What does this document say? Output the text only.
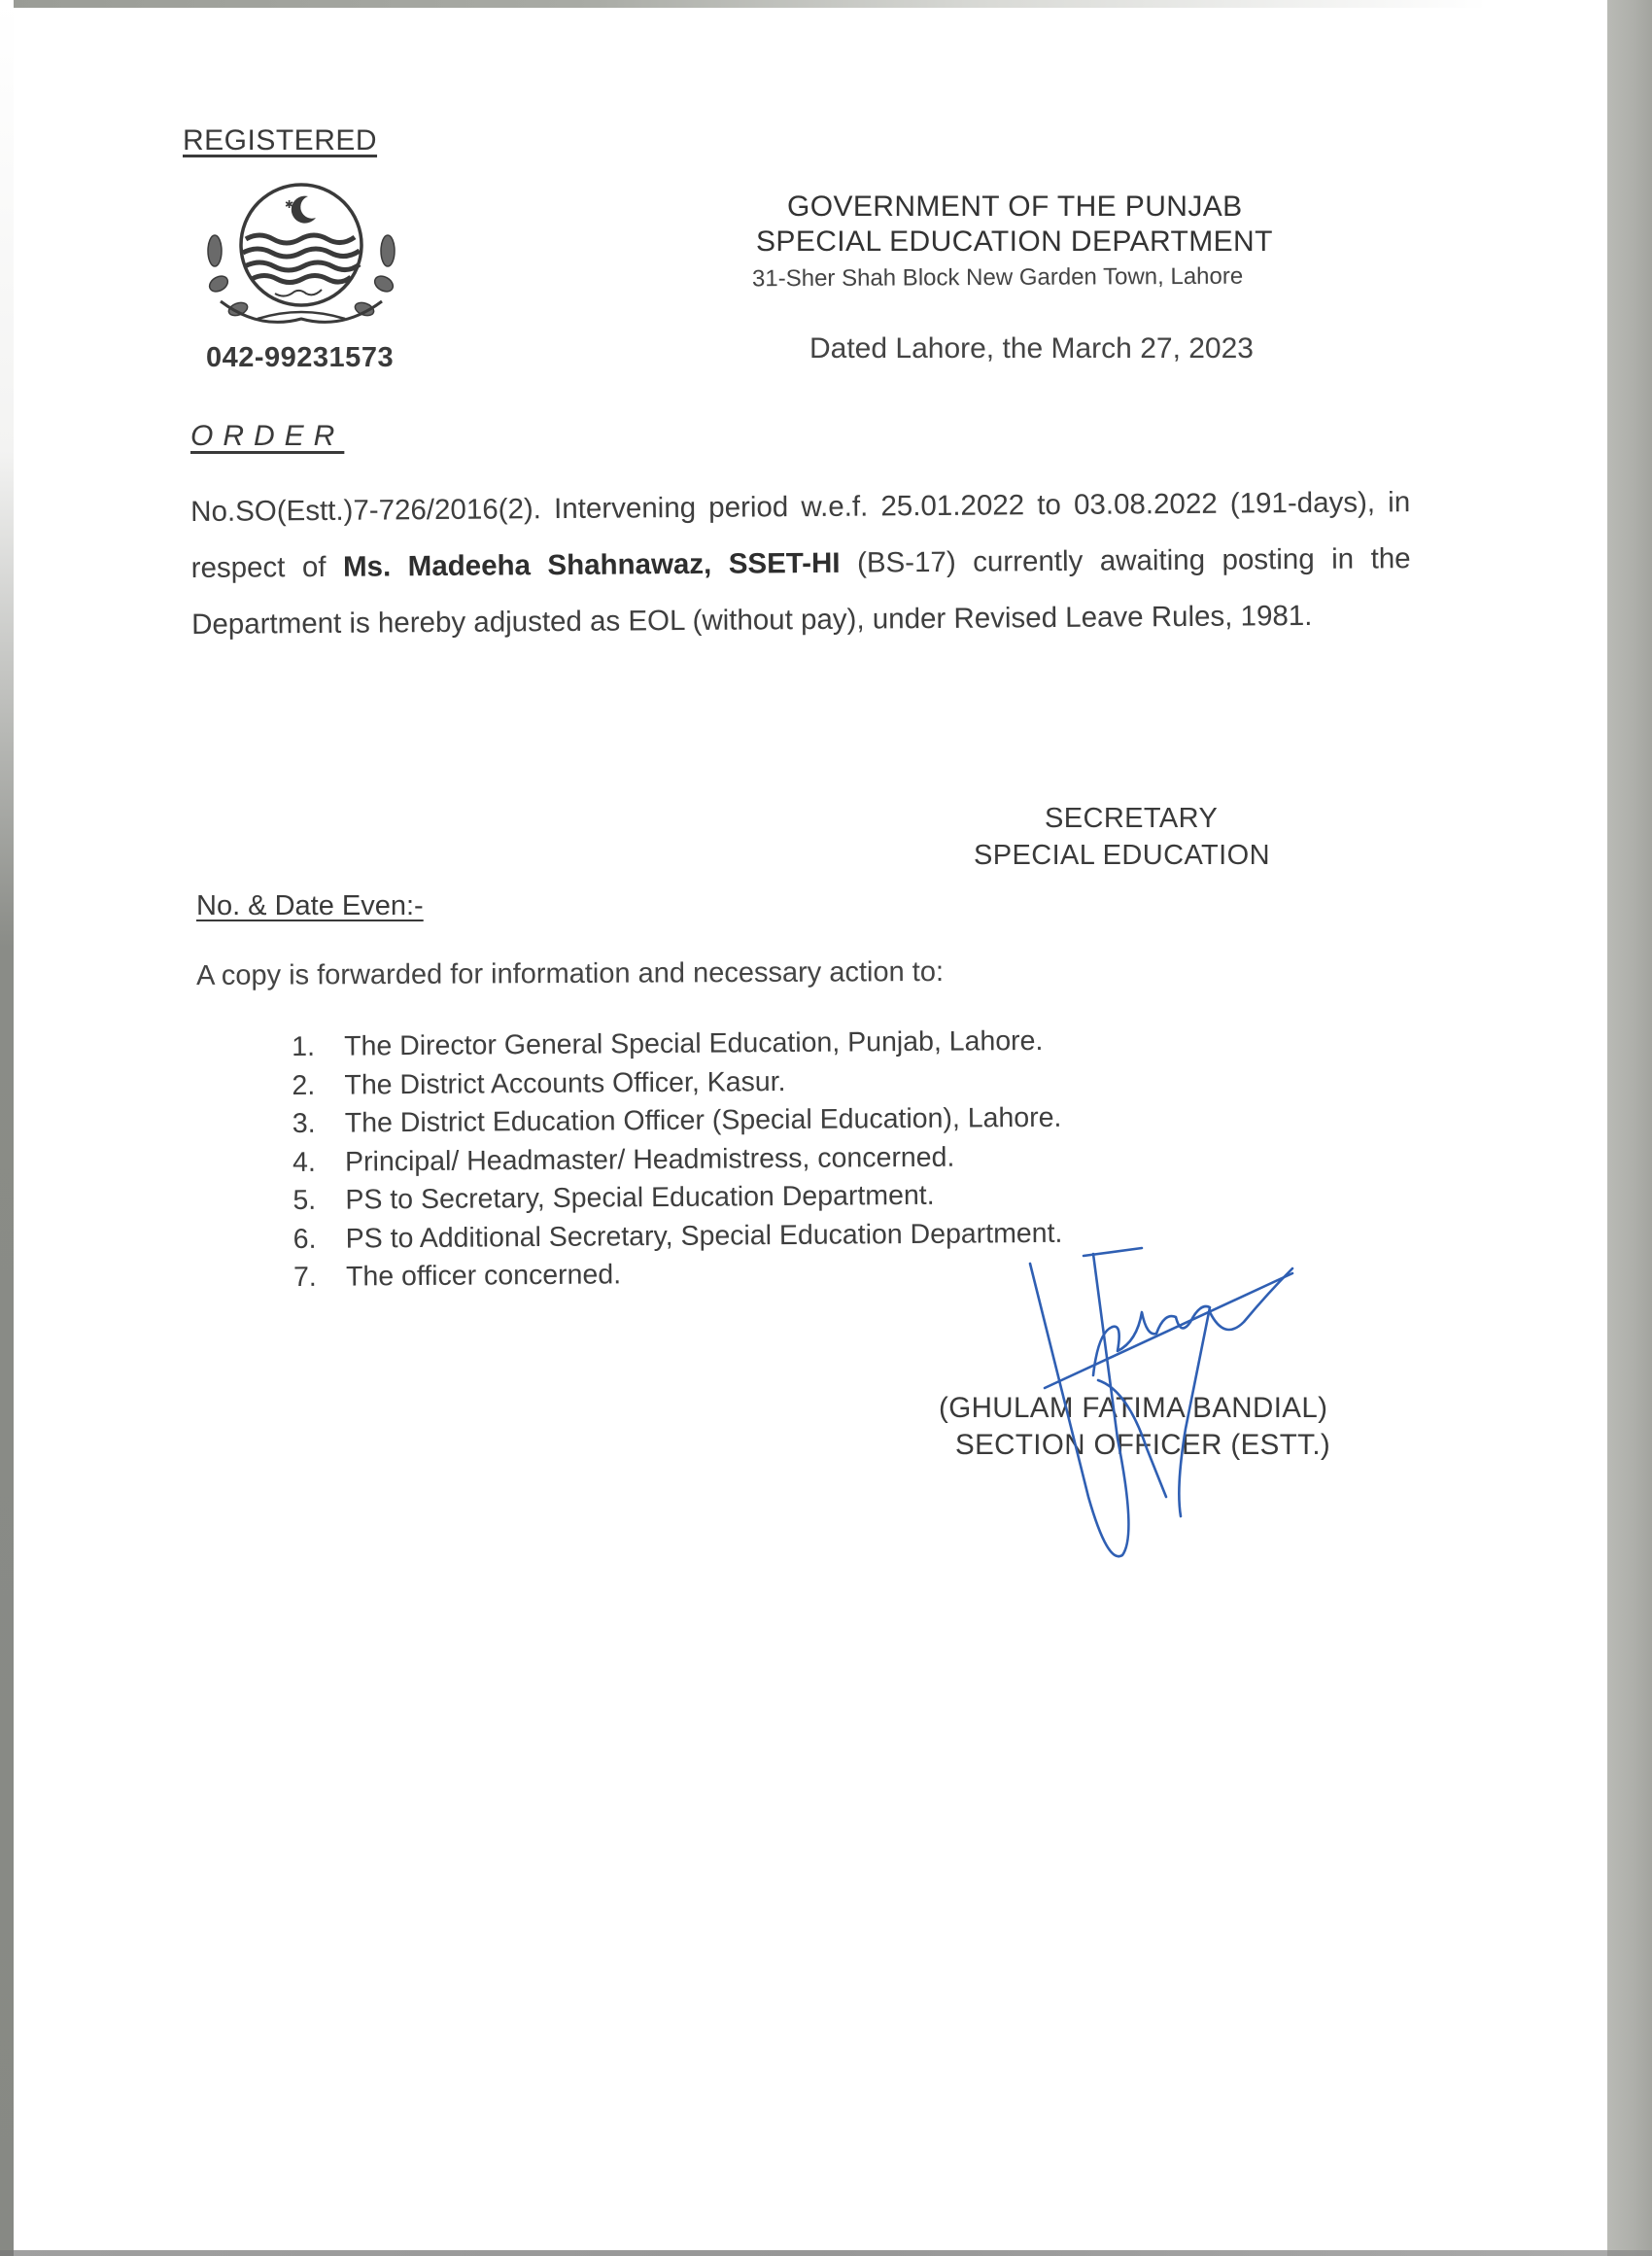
REGISTERED
✱
042-99231573
GOVERNMENT OF THE PUNJAB
SPECIAL EDUCATION DEPARTMENT
31-Sher Shah Block New Garden Town, Lahore
Dated Lahore, the March 27, 2023
ORDER
No.SO(Estt.)7-726/2016(2). Intervening period w.e.f. 25.01.2022 to 03.08.2022 (191-days), in respect of Ms. Madeeha Shahnawaz, SSET-HI (BS-17) currently awaiting posting in the Department is hereby adjusted as EOL (without pay), under Revised Leave Rules, 1981.
SECRETARY
SPECIAL EDUCATION
No. & Date Even:-
A copy is forwarded for information and necessary action to:
1. The Director General Special Education, Punjab, Lahore.
2. The District Accounts Officer, Kasur.
3. The District Education Officer (Special Education), Lahore.
4. Principal/ Headmaster/ Headmistress, concerned.
5. PS to Secretary, Special Education Department.
6. PS to Additional Secretary, Special Education Department.
7. The officer concerned.
(GHULAM FATIMA BANDIAL)
SECTION OFFICER (ESTT.)
